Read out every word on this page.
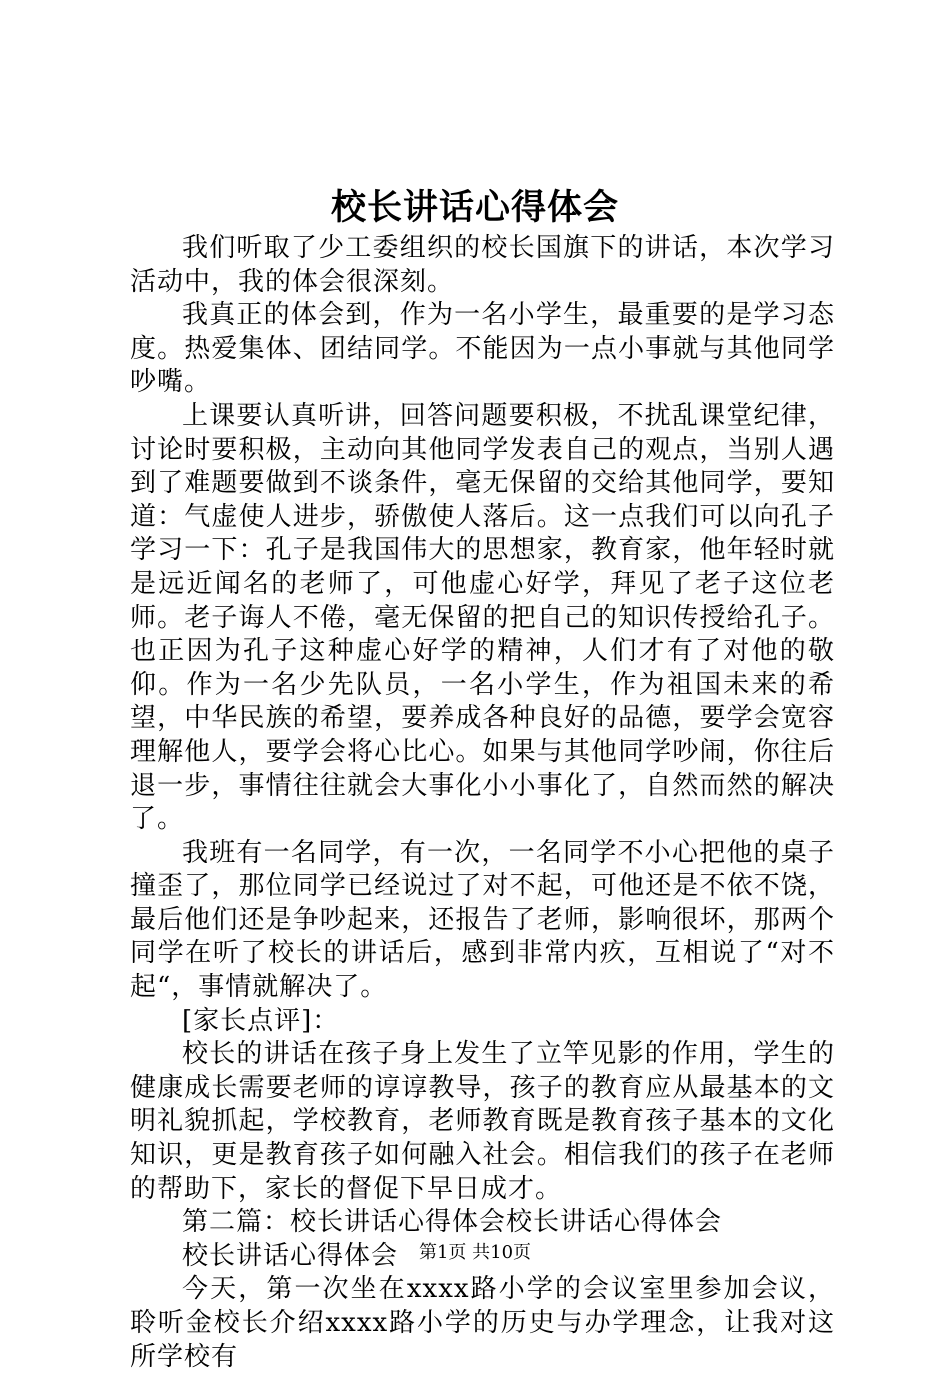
校长讲话心得体会

我们听取了少工委组织的校长国旗下的讲话，本次学习活动中，我的体会很深刻。

我真正的体会到，作为一名小学生，最重要的是学习态度。热爱集体、团结同学。不能因为一点小事就与其他同学吵嘴。

上课要认真听讲，回答问题要积极，不扰乱课堂纪律，讨论时要积极，主动向其他同学发表自己的观点，当别人遇到了难题要做到不谈条件，毫无保留的交给其他同学，要知道：气虚使人进步，骄傲使人落后。这一点我们可以向孔子学习一下：孔子是我国伟大的思想家，教育家，他年轻时就是远近闻名的老师了，可他虚心好学，拜见了老子这位老师。老子诲人不倦，毫无保留的把自己的知识传授给孔子。也正因为孔子这种虚心好学的精神，人们才有了对他的敬仰。作为一名少先队员，一名小学生，作为祖国未来的希望，中华民族的希望，要养成各种良好的品德，要学会宽容理解他人，要学会将心比心。如果与其他同学吵闹，你往后退一步，事情往往就会大事化小小事化了，自然而然的解决了。

我班有一名同学，有一次，一名同学不小心把他的桌子撞歪了，那位同学已经说过了对不起，可他还是不依不饶，最后他们还是争吵起来，还报告了老师，影响很坏，那两个同学在听了校长的讲话后，感到非常内疚，互相说了“对不起“，事情就解决了。

[家长点评]：

校长的讲话在孩子身上发生了立竿见影的作用，学生的健康成长需要老师的谆谆教导，孩子的教育应从最基本的文明礼貌抓起，学校教育，老师教育既是教育孩子基本的文化知识，更是教育孩子如何融入社会。相信我们的孩子在老师的帮助下，家长的督促下早日成才。

第二篇：校长讲话心得体会校长讲话心得体会

校长讲话心得体会

今天，第一次坐在xxxx路小学的会议室里参加会议，聆听金校长介绍xxxx路小学的历史与办学理念，让我对这所学校有

第1页 共10页
